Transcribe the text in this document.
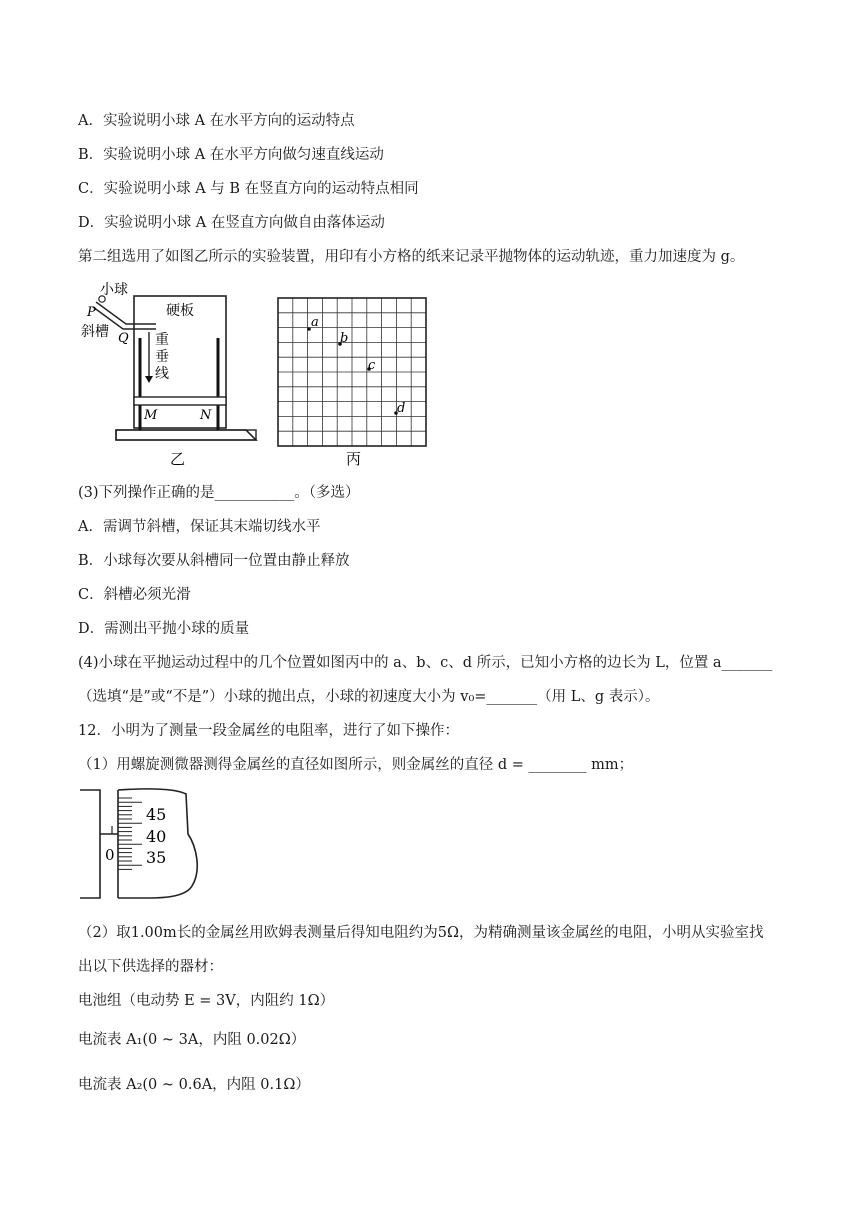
A．实验说明小球 A 在水平方向的运动特点
B．实验说明小球 A 在水平方向做匀速直线运动
C．实验说明小球 A 与 B 在竖直方向的运动特点相同
D．实验说明小球 A 在竖直方向做自由落体运动
第二组选用了如图乙所示的实验装置，用印有小方格的纸来记录平抛物体的运动轨迹，重力加速度为 g。
小球
P
Q
斜槽
硬板
重
垂
线
M	N
乙
a
b
c
d
丙
(3)下列操作正确的是___________。（多选）
A．需调节斜槽，保证其末端切线水平
B．小球每次要从斜槽同一位置由静止释放
C．斜槽必须光滑
D．需测出平抛小球的质量
(4)小球在平抛运动过程中的几个位置如图丙中的 a、b、c、d 所示，已知小方格的边长为 L，位置 a_______
（选填“是”或“不是”）小球的抛出点，小球的初速度大小为 v₀=_______（用 L、g 表示）。
12．小明为了测量一段金属丝的电阻率，进行了如下操作：
（1）用螺旋测微器测得金属丝的直径如图所示，则金属丝的直径 d = ________ mm；
45
40
35
0
（2）取1.00m长的金属丝用欧姆表测量后得知电阻约为5Ω，为精确测量该金属丝的电阻，小明从实验室找
出以下供选择的器材：
电池组（电动势 E = 3V，内阻约 1Ω）
电流表 A₁(0 ~ 3A，内阻 0.02Ω）
电流表 A₂(0 ~ 0.6A，内阻 0.1Ω）
